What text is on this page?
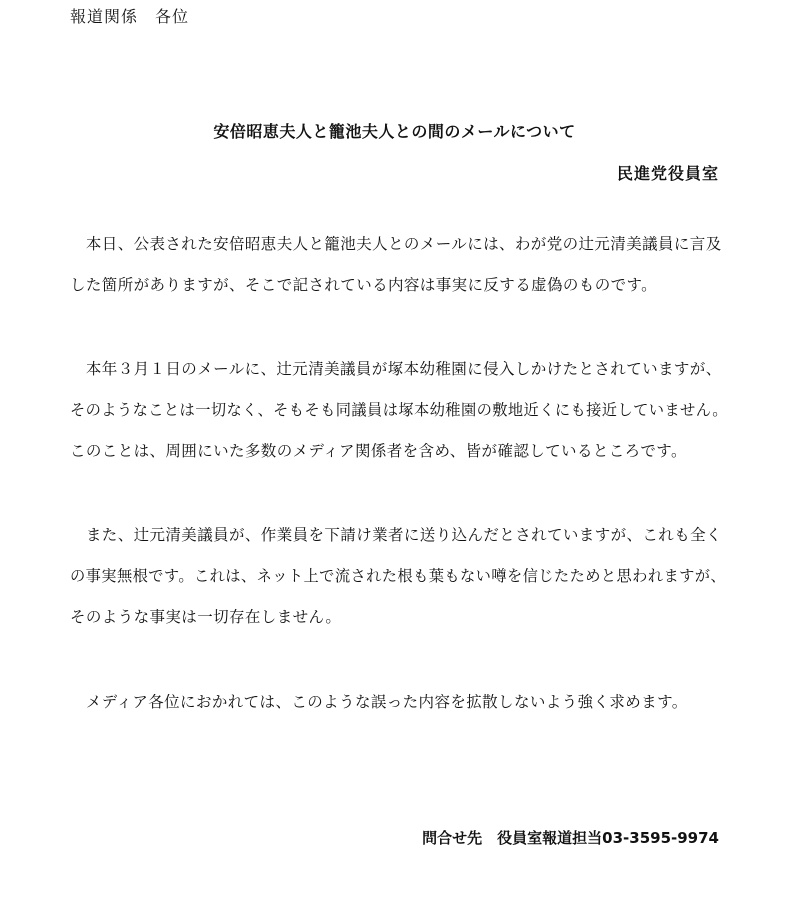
報道関係　各位
安倍昭恵夫人と籠池夫人との間のメールについて
民進党役員室
　本日、公表された安倍昭恵夫人と籠池夫人とのメールには、わが党の辻元清美議員に言及
した箇所がありますが、そこで記されている内容は事実に反する虚偽のものです。
　本年３月１日のメールに、辻元清美議員が塚本幼稚園に侵入しかけたとされていますが、
そのようなことは一切なく、そもそも同議員は塚本幼稚園の敷地近くにも接近していません。
このことは、周囲にいた多数のメディア関係者を含め、皆が確認しているところです。
　また、辻元清美議員が、作業員を下請け業者に送り込んだとされていますが、これも全く
の事実無根です。これは、ネット上で流された根も葉もない噂を信じたためと思われますが、
そのような事実は一切存在しません。
　メディア各位におかれては、このような誤った内容を拡散しないよう強く求めます。
問合せ先　 役員室報道担当03-3595-9974
